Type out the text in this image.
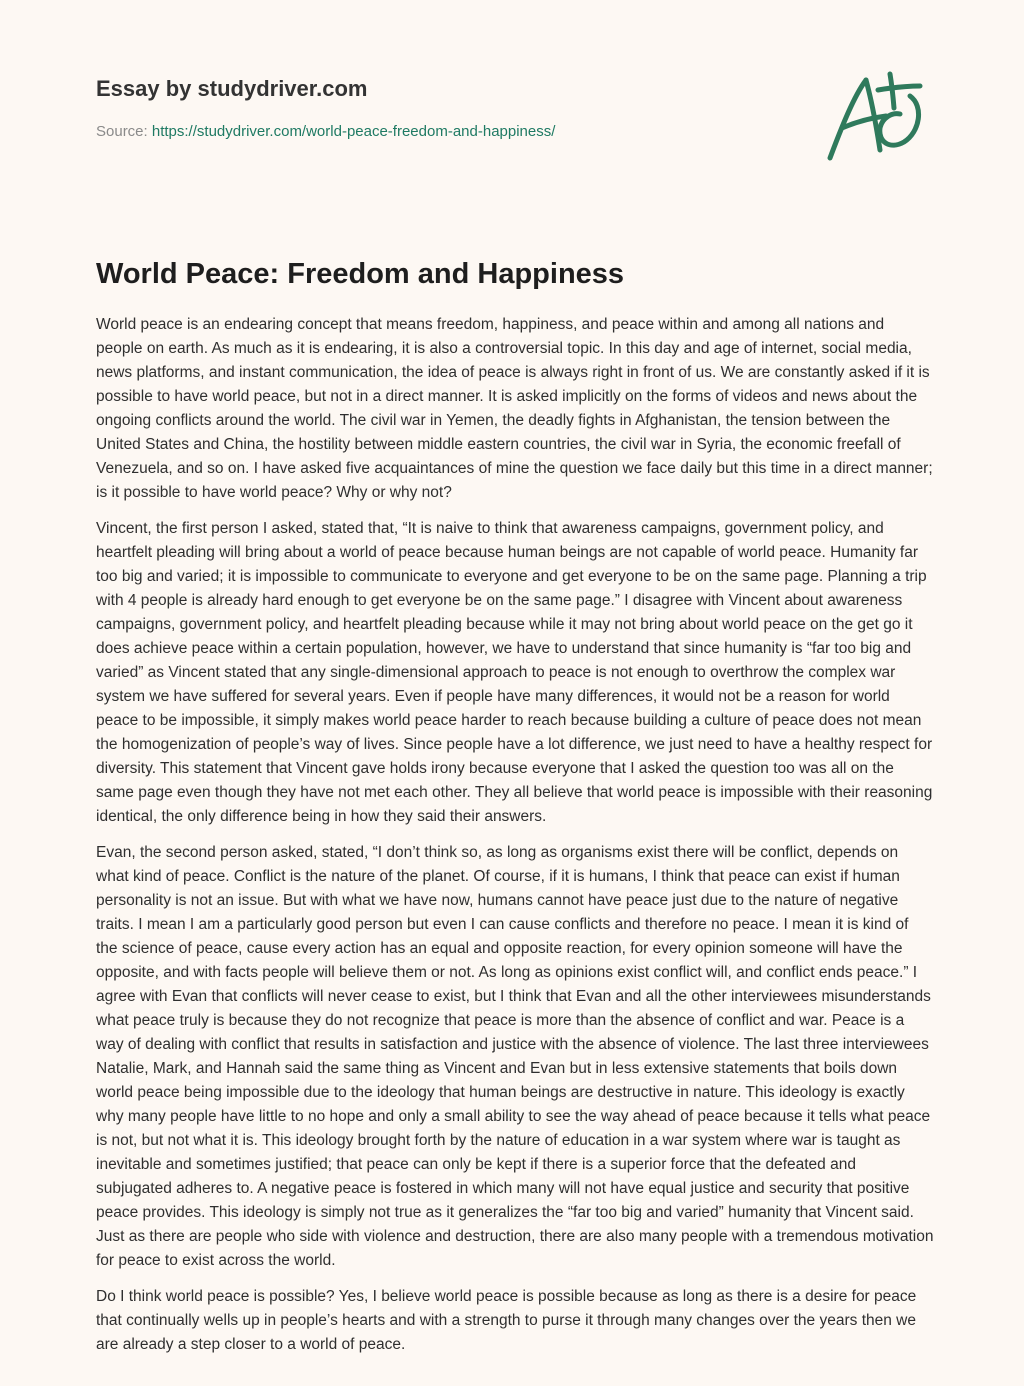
Essay by studydriver.com
Source: https://studydriver.com/world-peace-freedom-and-happiness/
World Peace: Freedom and Happiness

World peace is an endearing concept that means freedom, happiness, and peace within and among all nations and people on earth. As much as it is endearing, it is also a controversial topic. In this day and age of internet, social media, news platforms, and instant communication, the idea of peace is always right in front of us. We are constantly asked if it is possible to have world peace, but not in a direct manner. It is asked implicitly on the forms of videos and news about the ongoing conflicts around the world. The civil war in Yemen, the deadly fights in Afghanistan, the tension between the United States and China, the hostility between middle eastern countries, the civil war in Syria, the economic freefall of Venezuela, and so on. I have asked five acquaintances of mine the question we face daily but this time in a direct manner; is it possible to have world peace? Why or why not?

Vincent, the first person I asked, stated that, “It is naive to think that awareness campaigns, government policy, and heartfelt pleading will bring about a world of peace because human beings are not capable of world peace. Humanity far too big and varied; it is impossible to communicate to everyone and get everyone to be on the same page. Planning a trip with 4 people is already hard enough to get everyone be on the same page.” I disagree with Vincent about awareness campaigns, government policy, and heartfelt pleading because while it may not bring about world peace on the get go it does achieve peace within a certain population, however, we have to understand that since humanity is “far too big and varied” as Vincent stated that any single-dimensional approach to peace is not enough to overthrow the complex war system we have suffered for several years. Even if people have many differences, it would not be a reason for world peace to be impossible, it simply makes world peace harder to reach because building a culture of peace does not mean the homogenization of people’s way of lives. Since people have a lot difference, we just need to have a healthy respect for diversity. This statement that Vincent gave holds irony because everyone that I asked the question too was all on the same page even though they have not met each other. They all believe that world peace is impossible with their reasoning identical, the only difference being in how they said their answers.

Evan, the second person asked, stated, “I don’t think so, as long as organisms exist there will be conflict, depends on what kind of peace. Conflict is the nature of the planet. Of course, if it is humans, I think that peace can exist if human personality is not an issue. But with what we have now, humans cannot have peace just due to the nature of negative traits. I mean I am a particularly good person but even I can cause conflicts and therefore no peace. I mean it is kind of the science of peace, cause every action has an equal and opposite reaction, for every opinion someone will have the opposite, and with facts people will believe them or not. As long as opinions exist conflict will, and conflict ends peace.” I agree with Evan that conflicts will never cease to exist, but I think that Evan and all the other interviewees misunderstands what peace truly is because they do not recognize that peace is more than the absence of conflict and war. Peace is a way of dealing with conflict that results in satisfaction and justice with the absence of violence. The last three interviewees Natalie, Mark, and Hannah said the same thing as Vincent and Evan but in less extensive statements that boils down world peace being impossible due to the ideology that human beings are destructive in nature. This ideology is exactly why many people have little to no hope and only a small ability to see the way ahead of peace because it tells what peace is not, but not what it is. This ideology brought forth by the nature of education in a war system where war is taught as inevitable and sometimes justified; that peace can only be kept if there is a superior force that the defeated and subjugated adheres to. A negative peace is fostered in which many will not have equal justice and security that positive peace provides. This ideology is simply not true as it generalizes the “far too big and varied” humanity that Vincent said. Just as there are people who side with violence and destruction, there are also many people with a tremendous motivation for peace to exist across the world.

Do I think world peace is possible? Yes, I believe world peace is possible because as long as there is a desire for peace that continually wells up in people’s hearts and with a strength to purse it through many changes over the years then we are already a step closer to a world of peace.
